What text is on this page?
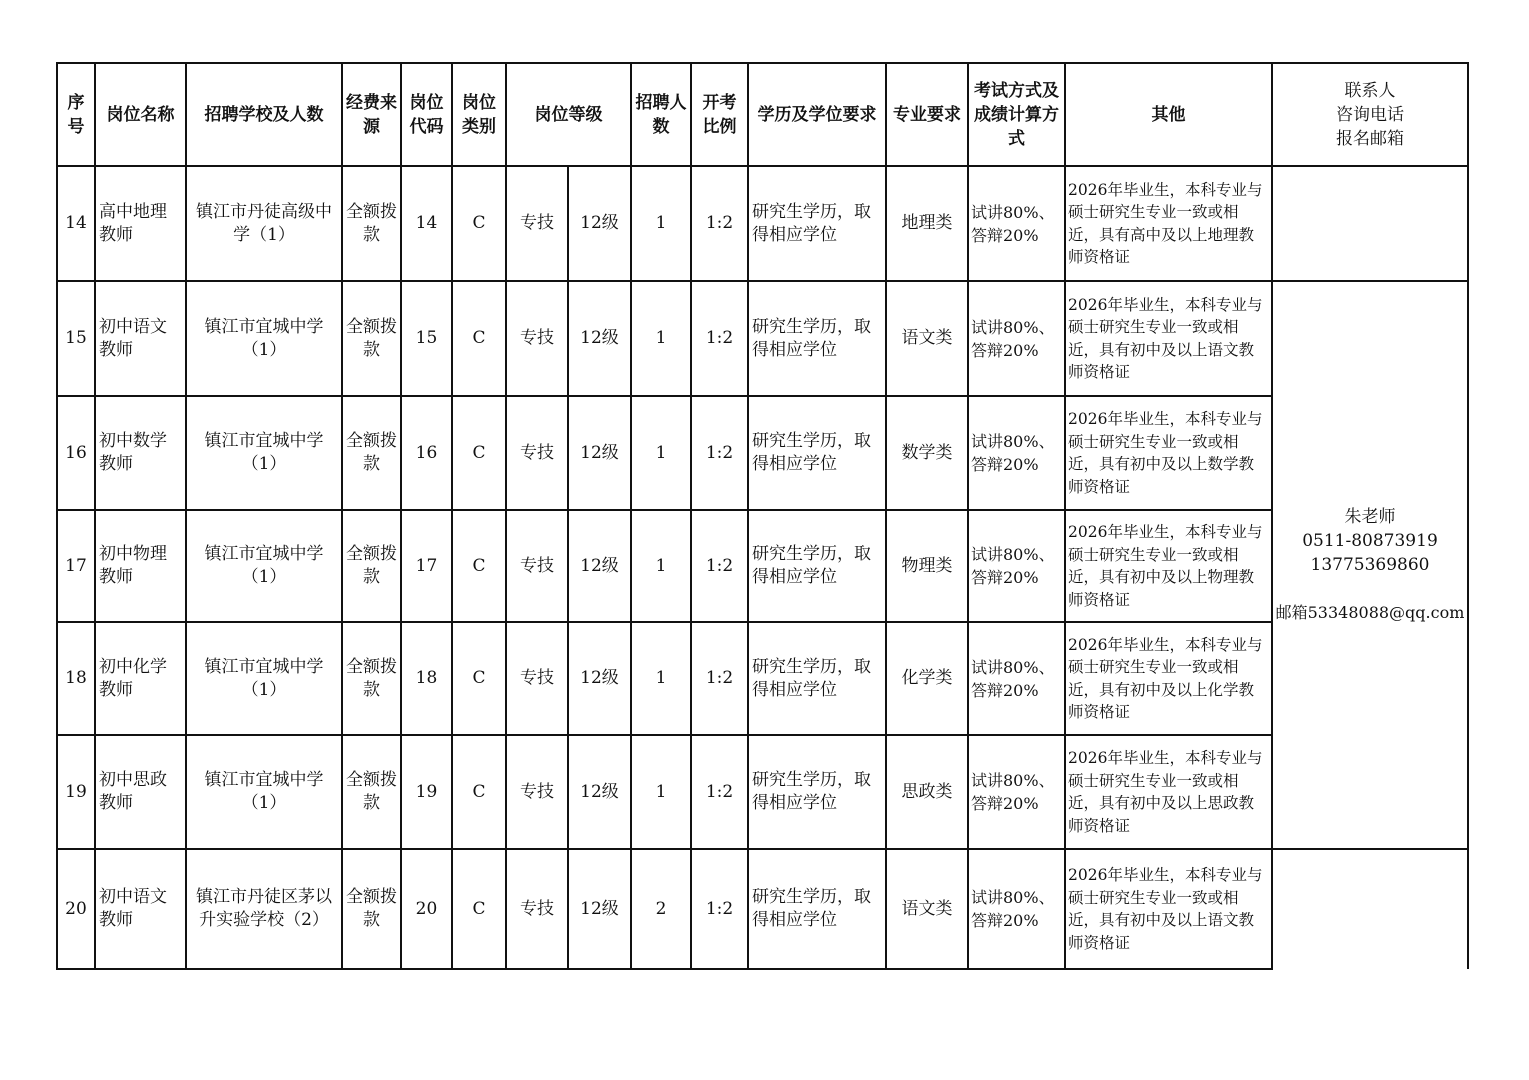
序号	岗位名称	招聘学校及人数	经费来源	岗位代码	岗位类别	岗位等级		招聘人数	开考比例	学历及学位要求	专业要求	考试方式及成绩计算方式	其他	联系人
咨询电话
报名邮箱

14	高中地理教师	镇江市丹徒高级中学（1）	全额拨款	14	C	专技	12级	1	1:2	研究生学历，取得相应学位	地理类	试讲80%、答辩20%	2026年毕业生，本科专业与硕士研究生专业一致或相近，具有高中及以上地理教师资格证	
15	初中语文教师	镇江市宜城中学（1）	全额拨款	15	C	专技	12级	1	1:2	研究生学历，取得相应学位	语文类	试讲80%、答辩20%	2026年毕业生，本科专业与硕士研究生专业一致或相近，具有初中及以上语文教师资格证	朱老师
0511-80873919
13775369860
邮箱53348088@qq.com

16	初中数学教师	镇江市宜城中学（1）	全额拨款	16	C	专技	12级	1	1:2	研究生学历，取得相应学位	数学类	试讲80%、答辩20%	2026年毕业生，本科专业与硕士研究生专业一致或相近，具有初中及以上数学教师资格证	
17	初中物理教师	镇江市宜城中学（1）	全额拨款	17	C	专技	12级	1	1:2	研究生学历，取得相应学位	物理类	试讲80%、答辩20%	2026年毕业生，本科专业与硕士研究生专业一致或相近，具有初中及以上物理教师资格证	
18	初中化学教师	镇江市宜城中学（1）	全额拨款	18	C	专技	12级	1	1:2	研究生学历，取得相应学位	化学类	试讲80%、答辩20%	2026年毕业生，本科专业与硕士研究生专业一致或相近，具有初中及以上化学教师资格证	
19	初中思政教师	镇江市宜城中学（1）	全额拨款	19	C	专技	12级	1	1:2	研究生学历，取得相应学位	思政类	试讲80%、答辩20%	2026年毕业生，本科专业与硕士研究生专业一致或相近，具有初中及以上思政教师资格证	
20	初中语文教师	镇江市丹徒区茅以升实验学校（2）	全额拨款	20	C	专技	12级	2	1:2	研究生学历，取得相应学位	语文类	试讲80%、答辩20%	2026年毕业生，本科专业与硕士研究生专业一致或相近，具有初中及以上语文教师资格证	
